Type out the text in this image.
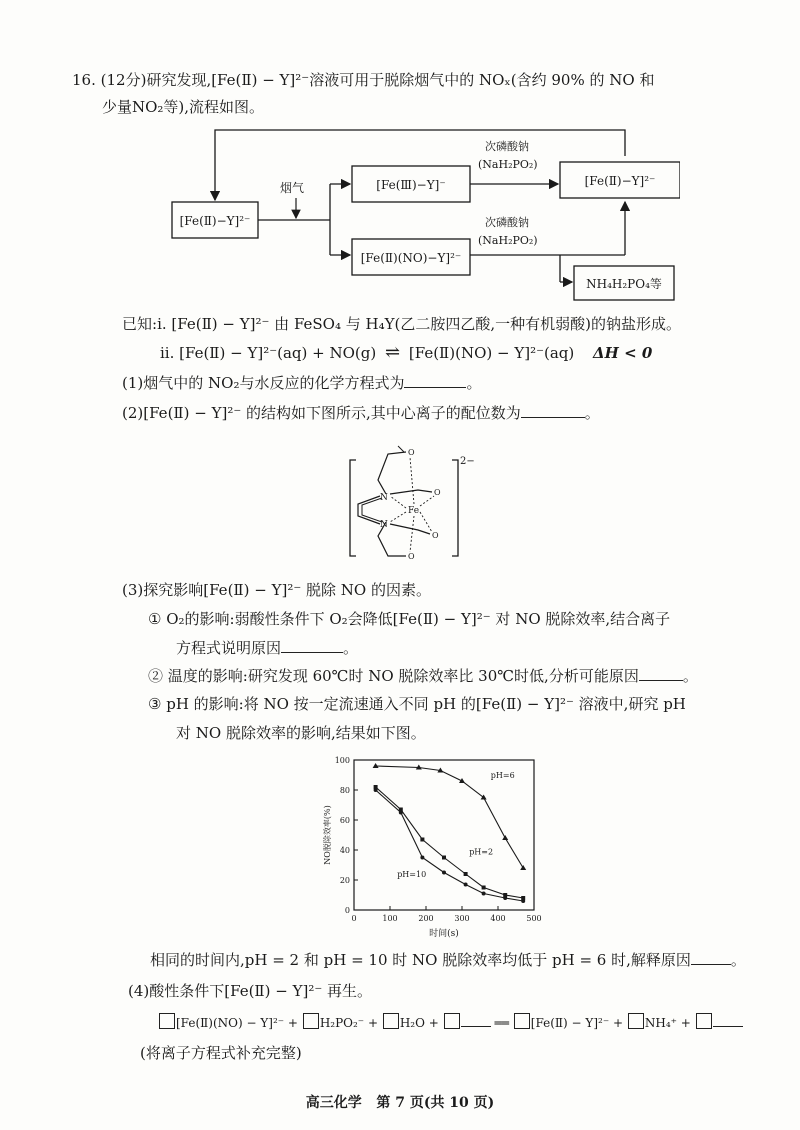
16. (12分)研究发现,[Fe(Ⅱ) − Y]²⁻溶液可用于脱除烟气中的 NOₓ(含约 90% 的 NO 和
少量NO₂等),流程如图。
[Fe(Ⅱ)−Y]²⁻
烟气	[Fe(Ⅲ)−Y]⁻
[Fe(Ⅱ)(NO)−Y]²⁻
次磷酸钠
(NaH₂PO₂)
[Fe(Ⅱ)−Y]²⁻
次磷酸钠
(NaH₂PO₂)
NH₄H₂PO₄等
已知:i. [Fe(Ⅱ) − Y]²⁻ 由 FeSO₄ 与 H₄Y(乙二胺四乙酸,一种有机弱酸)的钠盐形成。
ii. [Fe(Ⅱ) − Y]²⁻(aq) + NO(g) ⇌ [Fe(Ⅱ)(NO) − Y]²⁻(aq) ΔH < 0
(1)烟气中的 NO₂与水反应的化学方程式为	。
(2)[Fe(Ⅱ) − Y]²⁻ 的结构如下图所示,其中心离子的配位数为	。
2−
O
O
N
N
O
O
Fe
(3)探究影响[Fe(Ⅱ) − Y]²⁻ 脱除 NO 的因素。
① O₂的影响:弱酸性条件下 O₂会降低[Fe(Ⅱ) − Y]²⁻ 对 NO 脱除效率,结合离子
方程式说明原因	。
② 温度的影响:研究发现 60℃时 NO 脱除效率比 30℃时低,分析可能原因	。
③ pH 的影响:将 NO 按一定流速通入不同 pH 的[Fe(Ⅱ) − Y]²⁻ 溶液中,研究 pH
对 NO 脱除效率的影响,结果如下图。
0
20
40
60
80
100
0	100	200	300	400	500
pH=6
pH=2
pH=10
NO脱除效率(%)
时间(s)
相同的时间内,pH = 2 和 pH = 10 时 NO 脱除效率均低于 pH = 6 时,解释原因	。
(4)酸性条件下[Fe(Ⅱ) − Y]²⁻ 再生。
[Fe(Ⅱ)(NO) − Y]²⁻ + H₂PO₂⁻ + H₂O +	══ [Fe(Ⅱ) − Y]²⁻ + NH₄⁺ +
(将离子方程式补充完整)
高三化学   第 7 页(共 10 页)
